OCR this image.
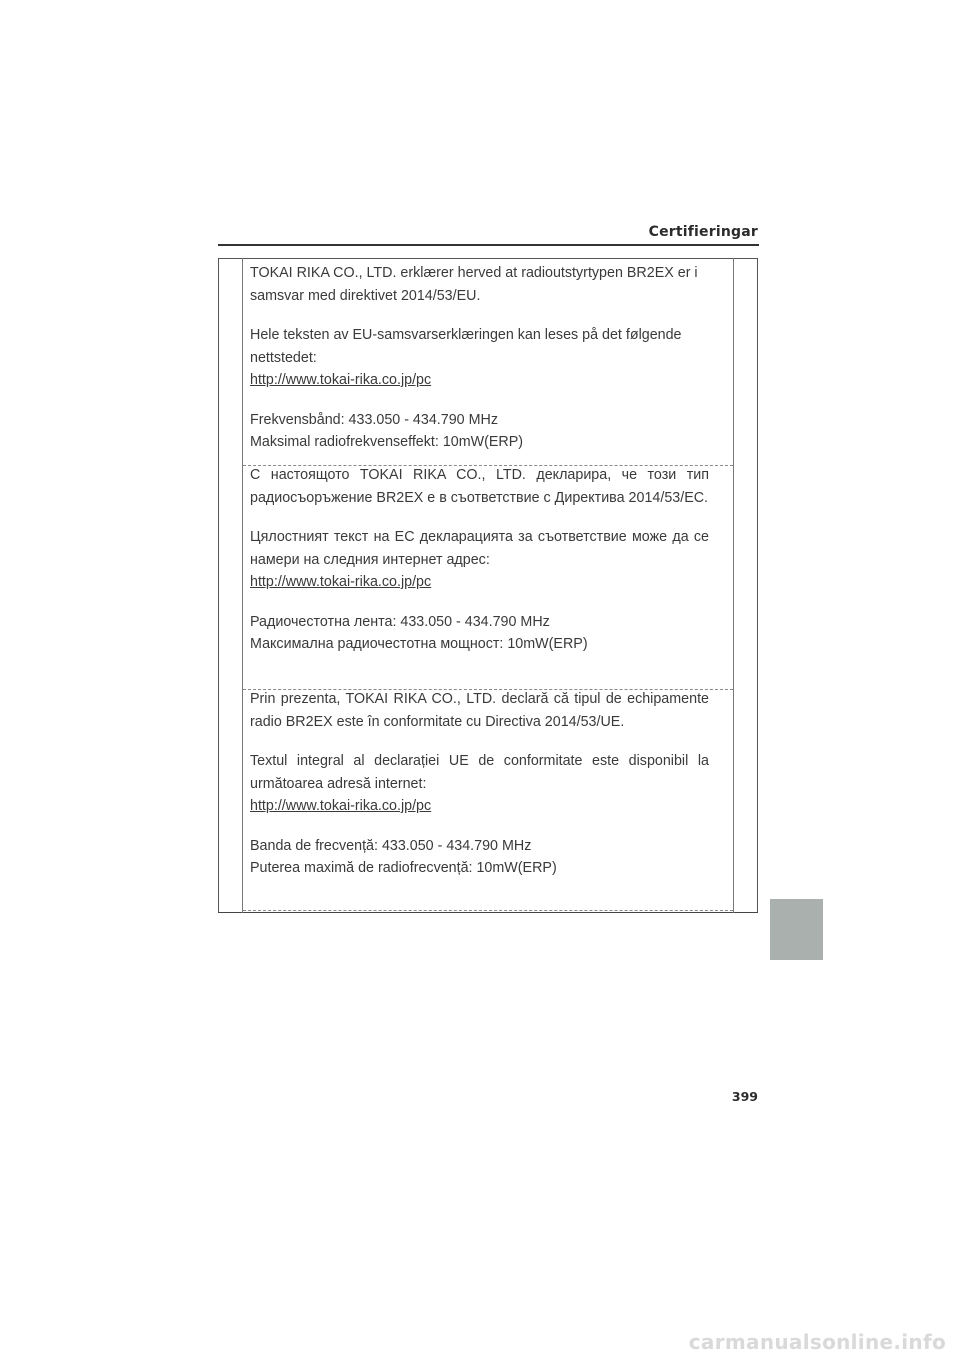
Certifieringar

TOKAI RIKA CO., LTD. erklærer herved at radioutstyrtypen BR2EX er i samsvar med direktivet 2014/53/EU.

Hele teksten av EU-samsvarserklæringen kan leses på det følgende nettstedet:
http://www.tokai-rika.co.jp/pc

Frekvensbånd: 433.050 - 434.790 MHz
Maksimal radiofrekvenseffekt: 10mW(ERP)

С настоящото TOKAI RIKA CO., LTD. декларира, че този тип радиосъоръжение BR2EX е в съответствие с Директива 2014/53/ЕС.

Цялостният текст на ЕС декларацията за съответствие може да се намери на следния интернет адрес:
http://www.tokai-rika.co.jp/pc

Радиочестотна лента: 433.050 - 434.790 MHz
Максимална радиочестотна мощност: 10mW(ERP)

Prin prezenta, TOKAI RIKA CO., LTD. declară că tipul de echipamente radio BR2EX este în conformitate cu Directiva 2014/53/UE.

Textul integral al declarației UE de conformitate este disponibil la următoarea adresă internet:
http://www.tokai-rika.co.jp/pc

Banda de frecvență: 433.050 - 434.790 MHz
Puterea maximă de radiofrecvență: 10mW(ERP)

399
carmanualsonline.info
